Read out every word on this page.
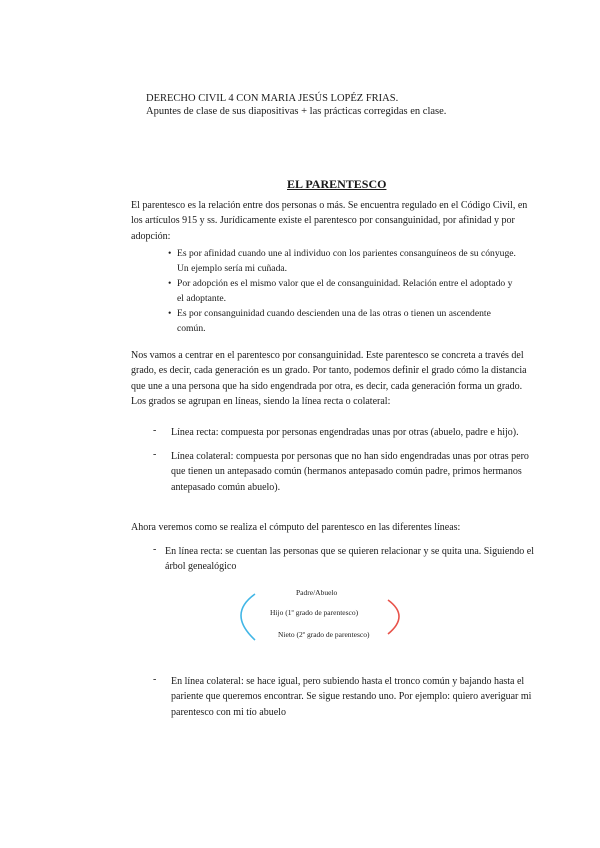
DERECHO CIVIL 4 CON MARIA JESÚS LOPÉZ FRIAS.
Apuntes de clase de sus diapositivas + las prácticas corregidas en clase.
EL PARENTESCO
El parentesco es la relación entre dos personas o más. Se encuentra regulado en el Código Civil, en
los artículos 915 y ss. Jurídicamente existe el parentesco por consanguinidad, por afinidad y por
adopción:
• Es por afinidad cuando une al individuo con los parientes consanguíneos de su cónyuge.
Un ejemplo sería mi cuñada.
• Por adopción es el mismo valor que el de consanguinidad. Relación entre el adoptado y
el adoptante.
• Es por consanguinidad cuando descienden una de las otras o tienen un ascendente
común.
Nos vamos a centrar en el parentesco por consanguinidad. Este parentesco se concreta a través del
grado, es decir, cada generación es un grado. Por tanto, podemos definir el grado cómo la distancia
que une a una persona que ha sido engendrada por otra, es decir, cada generación forma un grado.
Los grados se agrupan en líneas, siendo la línea recta o colateral:
- Línea recta: compuesta por personas engendradas unas por otras (abuelo, padre e hijo).
- Línea colateral: compuesta por personas que no han sido engendradas unas por otras pero
que tienen un antepasado común (hermanos antepasado común padre, primos hermanos
antepasado común abuelo).
Ahora veremos como se realiza el cómputo del parentesco en las diferentes líneas:
- En línea recta: se cuentan las personas que se quieren relacionar y se quita una. Siguiendo el
árbol genealógico
Padre/Abuelo
Hijo (1º grado de parentesco)
Nieto (2º grado de parentesco)
- En línea colateral: se hace igual, pero subiendo hasta el tronco común y bajando hasta el
pariente que queremos encontrar. Se sigue restando uno. Por ejemplo: quiero averiguar mi
parentesco con mi tío abuelo
